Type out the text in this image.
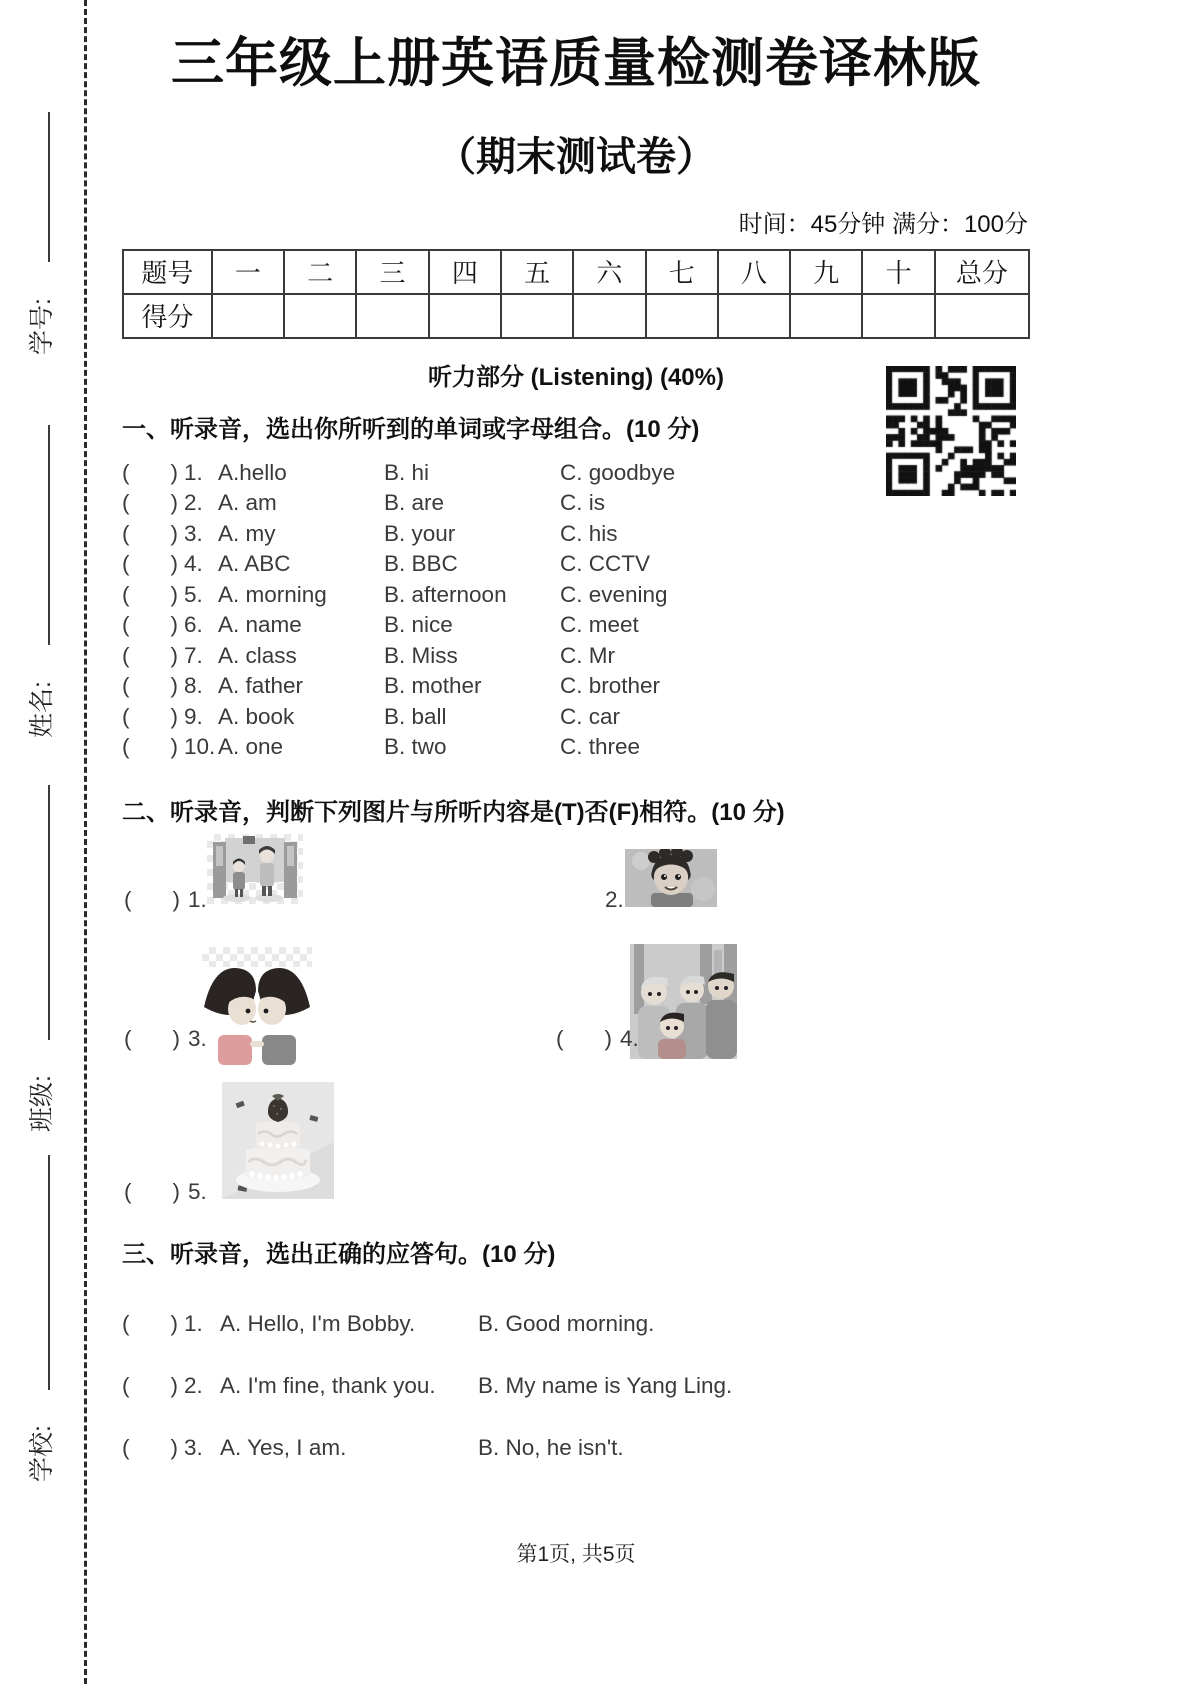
学号:
姓名:
班级:
学校:
三年级上册英语质量检测卷译林版
（期末测试卷）
时间：45分钟 满分：100分
题号	一	二	三	四	五	六	七	八	九	十	总分
得分											
听力部分 (Listening) (40%)
一、听录音，选出你所听到的单词或字母组合。(10 分)
( ) 1. A.hello	B. hi	C. goodbye
( ) 2. A. am	B. are	C. is
( ) 3. A. my	B. your	C. his
( ) 4. A. ABC	B. BBC	C. CCTV
( ) 5. A. morning	B. afternoon	C. evening
( ) 6. A. name	B. nice	C. meet
( ) 7. A. class	B. Miss	C. Mr
( ) 8. A. father	B. mother	C. brother
( ) 9. A. book	B. ball	C. car
( ) 10. A. one	B. two	C. three
二、听录音，判断下列图片与所听内容是(T)否(F)相符。(10 分)
( ) 1.	2.
( ) 3.	( ) 4.
( ) 5.
三、听录音，选出正确的应答句。(10 分)
( ) 1. A. Hello, I'm Bobby.	B. Good morning.
( ) 2. A. I'm fine, thank you.	B. My name is Yang Ling.
( ) 3. A. Yes, I am.	B. No, he isn't.
第1页, 共5页
